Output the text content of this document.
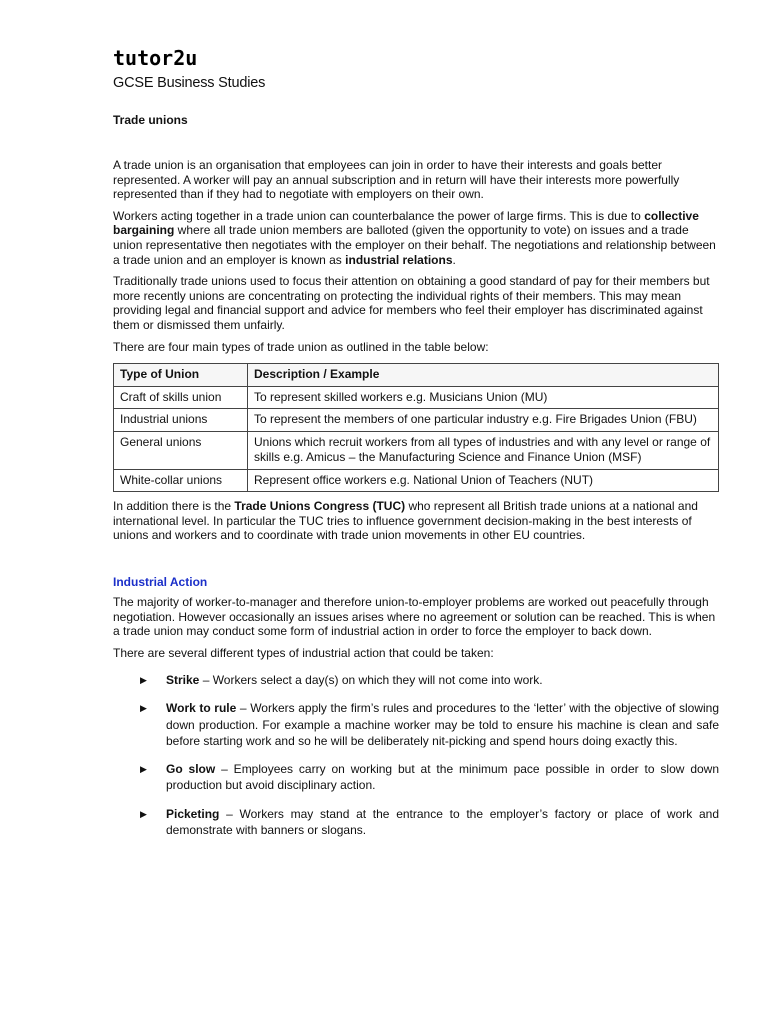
tutor2u
GCSE Business Studies
Trade unions

A trade union is an organisation that employees can join in order to have their interests and goals better represented. A worker will pay an annual subscription and in return will have their interests more powerfully represented than if they had to negotiate with employers on their own.

Workers acting together in a trade union can counterbalance the power of large firms. This is due to collective bargaining where all trade union members are balloted (given the opportunity to vote) on issues and a trade union representative then negotiates with the employer on their behalf. The negotiations and relationship between a trade union and an employer is known as industrial relations.

Traditionally trade unions used to focus their attention on obtaining a good standard of pay for their members but more recently unions are concentrating on protecting the individual rights of their members. This may mean providing legal and financial support and advice for members who feel their employer has discriminated against them or dismissed them unfairly.

There are four main types of trade union as outlined in the table below:

Type of Union	Description / Example
Craft of skills union	To represent skilled workers e.g. Musicians Union (MU)
Industrial unions	To represent the members of one particular industry e.g. Fire Brigades Union (FBU)
General unions	Unions which recruit workers from all types of industries and with any level or range of skills e.g. Amicus – the Manufacturing Science and Finance Union (MSF)
White-collar unions	Represent office workers e.g. National Union of Teachers (NUT)

In addition there is the Trade Unions Congress (TUC) who represent all British trade unions at a national and international level. In particular the TUC tries to influence government decision-making in the best interests of unions and workers and to coordinate with trade union movements in other EU countries.

Industrial Action

The majority of worker-to-manager and therefore union-to-employer problems are worked out peacefully through negotiation. However occasionally an issues arises where no agreement or solution can be reached. This is when a trade union may conduct some form of industrial action in order to force the employer to back down.

There are several different types of industrial action that could be taken:

▶ Strike – Workers select a day(s) on which they will not come into work.
▶ Work to rule – Workers apply the firm’s rules and procedures to the ‘letter’ with the objective of slowing down production. For example a machine worker may be told to ensure his machine is clean and safe before starting work and so he will be deliberately nit-picking and spend hours doing exactly this.
▶ Go slow – Employees carry on working but at the minimum pace possible in order to slow down production but avoid disciplinary action.
▶ Picketing – Workers may stand at the entrance to the employer’s factory or place of work and demonstrate with banners or slogans.
